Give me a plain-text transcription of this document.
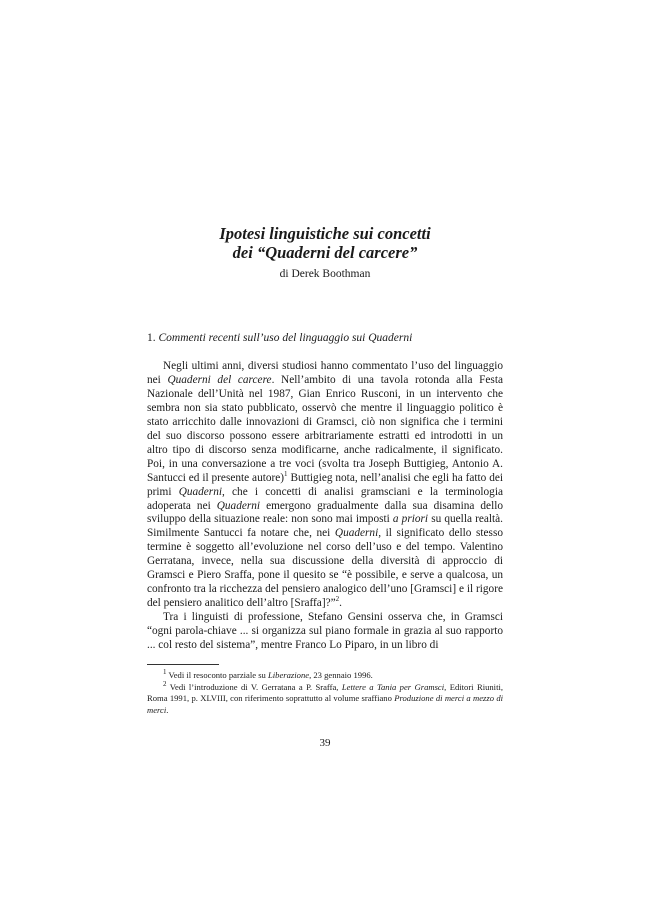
Ipotesi linguistiche sui concetti
dei “Quaderni del carcere”
di Derek Boothman
1. Commenti recenti sull’uso del linguaggio sui Quaderni

Negli ultimi anni, diversi studiosi hanno commentato l’uso del linguaggio nei Quaderni del carcere. Nell’ambito di una tavola rotonda alla Festa Nazionale dell’Unità nel 1987, Gian Enrico Rusconi, in un intervento che sembra non sia stato pubblicato, osservò che mentre il linguaggio politico è stato arricchito dalle innovazioni di Gramsci, ciò non significa che i termini del suo discorso possono essere arbitrariamente estratti ed introdotti in un altro tipo di discorso senza modificarne, anche radicalmente, il significato. Poi, in una conversazione a tre voci (svolta tra Joseph Buttigieg, Antonio A. Santucci ed il presente autore)$^1$ Buttigieg nota, nell’analisi che egli ha fatto dei primi Quaderni, che i concetti di analisi gramsciani e la terminologia adoperata nei Quaderni emergono gradualmente dalla sua disamina dello sviluppo della situazione reale: non sono mai imposti a priori su quella realtà. Similmente Santucci fa notare che, nei Quaderni, il significato dello stesso termine è soggetto all’evoluzione nel corso dell’uso e del tempo. Valentino Gerratana, invece, nella sua discussione della diversità di approccio di Gramsci e Piero Sraffa, pone il quesito se “è possibile, e serve a qualcosa, un confronto tra la ricchezza del pensiero analogico dell’uno [Gramsci] e il rigore del pensiero analitico dell’altro [Sraffa]?”$^2$.

Tra i linguisti di professione, Stefano Gensini osserva che, in Gramsci “ogni parola-chiave ... si organizza sul piano formale in grazia al suo rapporto ... col resto del sistema”, mentre Franco Lo Piparo, in un libro di

$^1$ Vedi il resoconto parziale su Liberazione, 23 gennaio 1996.

$^2$ Vedi l’introduzione di V. Gerratana a P. Sraffa, Lettere a Tania per Gramsci, Editori Riuniti, Roma 1991, p. XLVIII, con riferimento soprattutto al volume sraffiano Produzione di merci a mezzo di merci.

39
